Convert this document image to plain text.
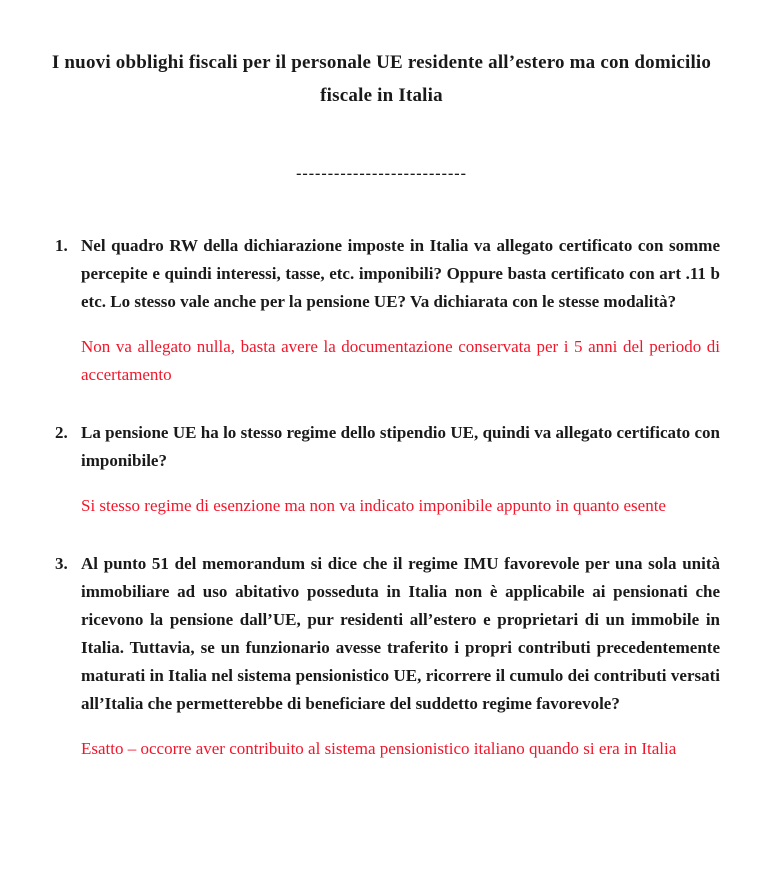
I nuovi obblighi fiscali per il personale UE residente all’estero ma con domicilio fiscale in Italia
---------------------------
1. Nel quadro RW della dichiarazione imposte in Italia va allegato certificato con somme percepite e quindi interessi, tasse, etc. imponibili? Oppure basta certificato con art .11 b etc. Lo stesso vale anche per la pensione UE? Va dichiarata con le stesse modalità?

Non va allegato nulla, basta avere la documentazione conservata per i 5 anni del periodo di accertamento

2. La pensione UE ha lo stesso regime dello stipendio UE, quindi va allegato certificato con imponibile?

Si stesso regime di esenzione ma non va indicato imponibile appunto in quanto esente

3. Al punto 51 del memorandum si dice che il regime IMU favorevole per una sola unità immobiliare ad uso abitativo posseduta in Italia non è applicabile ai pensionati che ricevono la pensione dall’UE, pur residenti all’estero e proprietari di un immobile in Italia. Tuttavia, se un funzionario avesse traferito i propri contributi precedentemente maturati in Italia nel sistema pensionistico UE, ricorrere il cumulo dei contributi versati all’Italia che permetterebbe di beneficiare del suddetto regime favorevole?

Esatto – occorre aver contribuito al sistema pensionistico italiano quando si era in Italia
